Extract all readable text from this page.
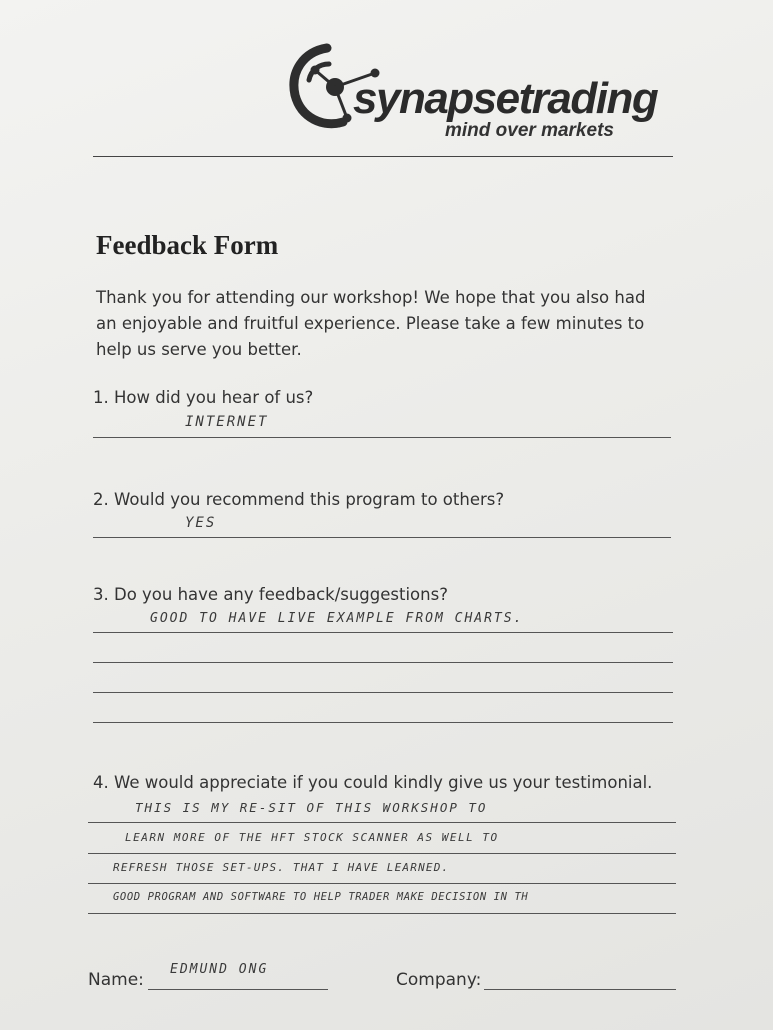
synapsetrading
mind over markets
Feedback Form
Thank you for attending our workshop! We hope that you also had
an enjoyable and fruitful experience. Please take a few minutes to
help us serve you better.
1. How did you hear of us?
INTERNET
2. Would you recommend this program to others?
YES
3. Do you have any feedback/suggestions?
GOOD TO HAVE LIVE EXAMPLE FROM CHARTS.
4. We would appreciate if you could kindly give us your testimonial.
THIS IS MY RE-SIT OF THIS WORKSHOP TO
LEARN MORE OF THE HFT STOCK SCANNER AS WELL TO
REFRESH THOSE SET-UPS. THAT I HAVE LEARNED.
GOOD PROGRAM AND SOFTWARE TO HELP TRADER MAKE DECISION IN TH
Name:
EDMUND ONG
Company:
